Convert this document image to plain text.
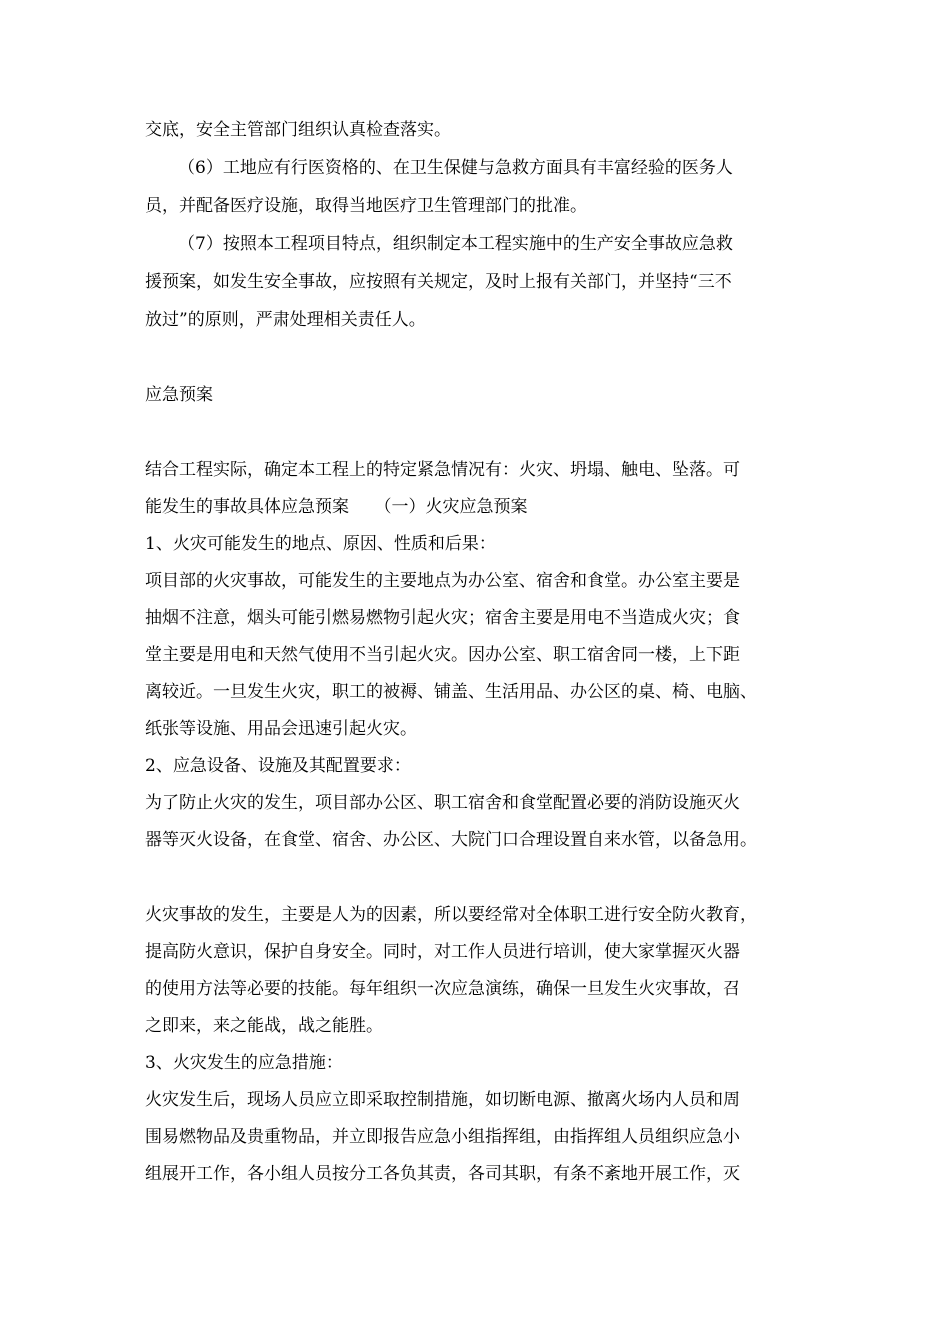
交底，安全主管部门组织认真检查落实。
（6）工地应有行医资格的、在卫生保健与急救方面具有丰富经验的医务人
员，并配备医疗设施，取得当地医疗卫生管理部门的批准。
（7）按照本工程项目特点，组织制定本工程实施中的生产安全事故应急救
援预案，如发生安全事故，应按照有关规定，及时上报有关部门，并坚持“三不
放过”的原则，严肃处理相关责任人。
应急预案
结合工程实际，确定本工程上的特定紧急情况有：火灾、坍塌、触电、坠落。可
能发生的事故具体应急预案　　（一）火灾应急预案
1、火灾可能发生的地点、原因、性质和后果：
项目部的火灾事故，可能发生的主要地点为办公室、宿舍和食堂。办公室主要是
抽烟不注意，烟头可能引燃易燃物引起火灾；宿舍主要是用电不当造成火灾；食
堂主要是用电和天然气使用不当引起火灾。因办公室、职工宿舍同一楼，上下距
离较近。一旦发生火灾，职工的被褥、铺盖、生活用品、办公区的桌、椅、电脑、
纸张等设施、用品会迅速引起火灾。
2、应急设备、设施及其配置要求：
为了防止火灾的发生，项目部办公区、职工宿舍和食堂配置必要的消防设施灭火
器等灭火设备，在食堂、宿舍、办公区、大院门口合理设置自来水管，以备急用。
火灾事故的发生，主要是人为的因素，所以要经常对全体职工进行安全防火教育，
提高防火意识，保护自身安全。同时，对工作人员进行培训，使大家掌握灭火器
的使用方法等必要的技能。每年组织一次应急演练，确保一旦发生火灾事故，召
之即来，来之能战，战之能胜。
3、火灾发生的应急措施：
火灾发生后，现场人员应立即采取控制措施，如切断电源、撤离火场内人员和周
围易燃物品及贵重物品，并立即报告应急小组指挥组，由指挥组人员组织应急小
组展开工作，各小组人员按分工各负其责，各司其职，有条不紊地开展工作，灭
